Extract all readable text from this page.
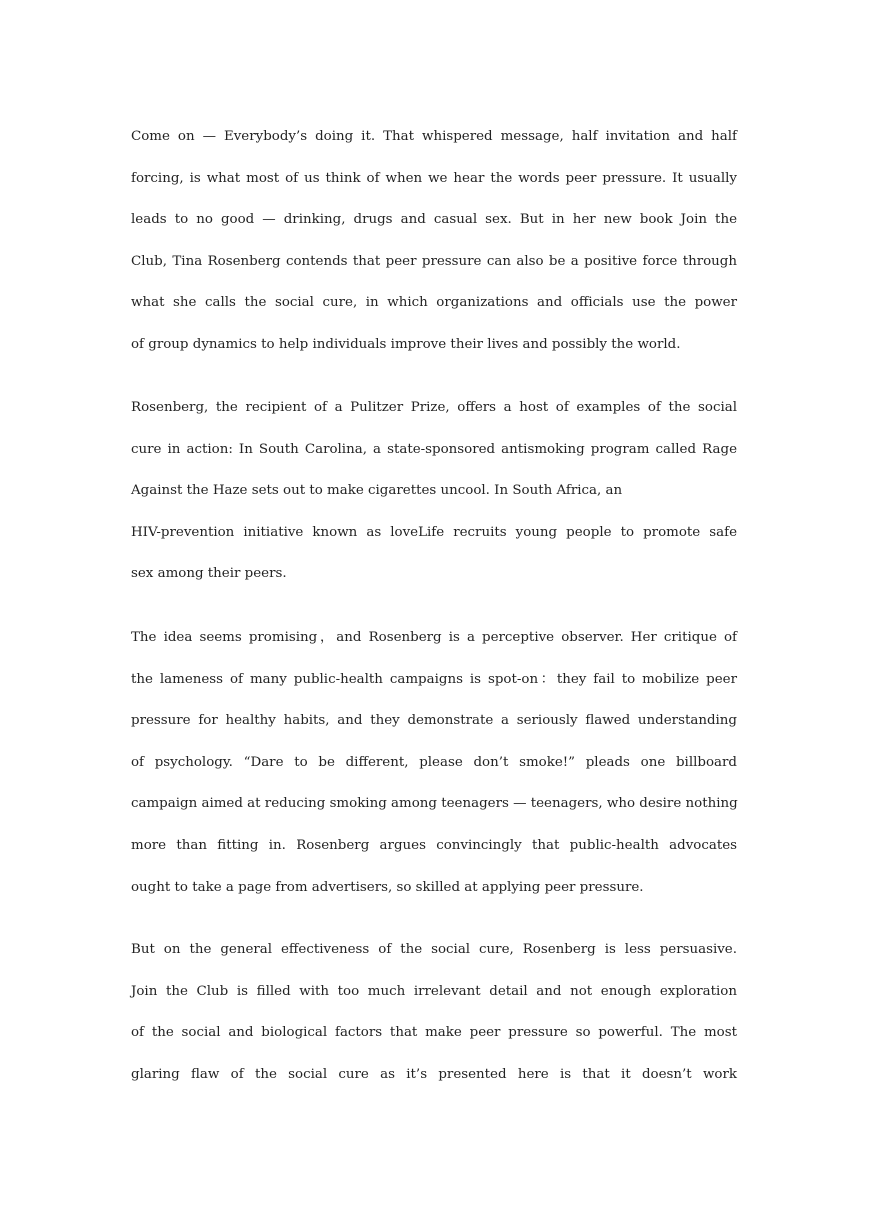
Come on — Everybody’s doing it. That whispered message, half invitation and half
forcing, is what most of us think of when we hear the words peer pressure. It usually
leads to no good — drinking, drugs and casual sex. But in her new book Join the
Club, Tina Rosenberg contends that peer pressure can also be a positive force through
what she calls the social cure, in which organizations and officials use the power
of group dynamics to help individuals improve their lives and possibly the world.
Rosenberg, the recipient of a Pulitzer Prize, offers a host of examples of the social
cure in action: In South Carolina, a state-sponsored antismoking program called Rage
Against the Haze sets out to make cigarettes uncool. In South Africa, an
HIV-prevention initiative known as loveLife recruits young people to promote safe
sex among their peers.
The idea seems promising，and Rosenberg is a perceptive observer. Her critique of
the lameness of many public-health campaigns is spot-on：they fail to mobilize peer
pressure for healthy habits, and they demonstrate a seriously flawed understanding
of psychology. “Dare to be different, please don’t smoke!” pleads one billboard
campaign aimed at reducing smoking among teenagers — teenagers, who desire nothing
more than fitting in. Rosenberg argues convincingly that public-health advocates
ought to take a page from advertisers, so skilled at applying peer pressure.
But on the general effectiveness of the social cure, Rosenberg is less persuasive.
Join the Club is filled with too much irrelevant detail and not enough exploration
of the social and biological factors that make peer pressure so powerful. The most
glaring flaw of the social cure as it’s presented here is that it doesn’t work
